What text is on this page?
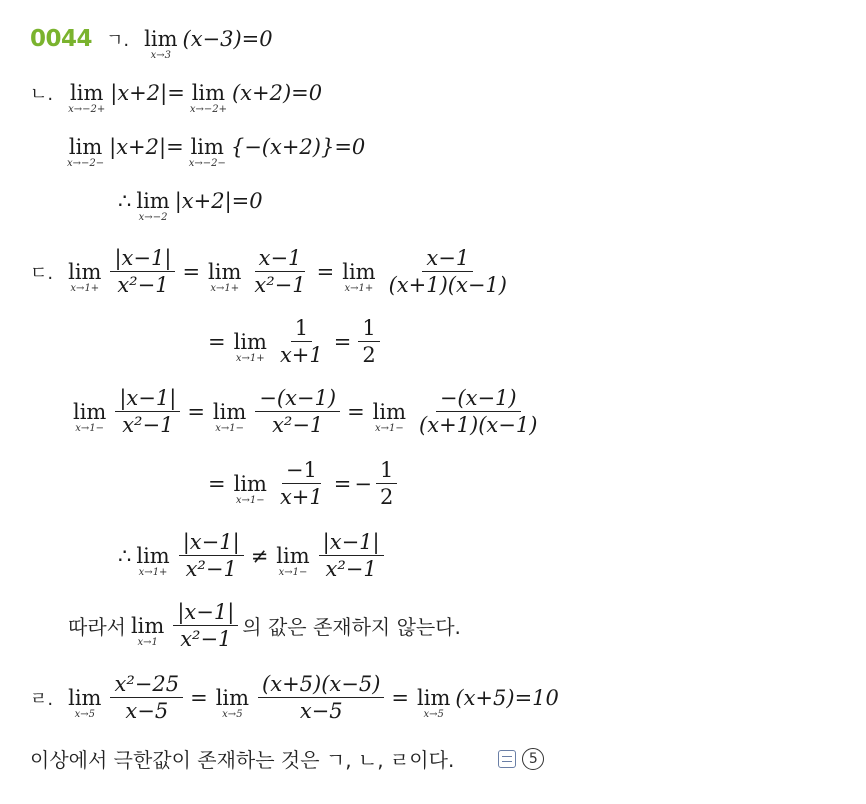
0044 ㄱ. lim
x→3
(x−3)=0
ㄴ. lim
x→−2+
|x+2|= lim
x→−2+
(x+2)=0
lim
x→−2−
|x+2|= lim
x→−2−
{−(x+2)}=0
∴ lim
x→−2
|x+2|=0
ㄷ. lim
$x\to 1+ \frac{|x-1|}{\text{x²−1}} = \lim$
$x\to 1+ \frac{x-1}{\text{x²−1}} = \lim$
$x\to 1+ \frac{x-1}{(x+1)(x-1)}$
= lim
$x\to 1+ \frac{1}{x+1} = \frac{1}{2}$
lim
$x\to 1- \frac{|x-1|}{\text{x²−1}} = \lim$
$x\to 1- \frac{-(x-1)}{\text{x²−1}} = \lim$
$x\to 1- \frac{-(x-1)}{(x+1)(x-1)}$
= lim
$x\to 1- \frac{-1}{x+1}$ = − $\frac{1}{2}$
∴ lim
$x\to 1+ \frac{|x-1|}{\text{x²−1}} \ne \lim$
$x\to 1- \frac{|x-1|}{\text{x²−1}}$
따라서 lim
$x\to 1 \frac{|x-1|}{\text{x²−1}}$ 의 값은 존재하지 않는다.
ㄹ. lim
$x\to 5 \frac{\text{x²−25}}{x-5} = \lim$
$x\to 5 \frac{(x+5)(x-5)}{x-5} = \lim$
x→5
(x+5)=10
이상에서 극한값이 존재하는 것은 ㄱ, ㄴ, ㄹ이다.	5
